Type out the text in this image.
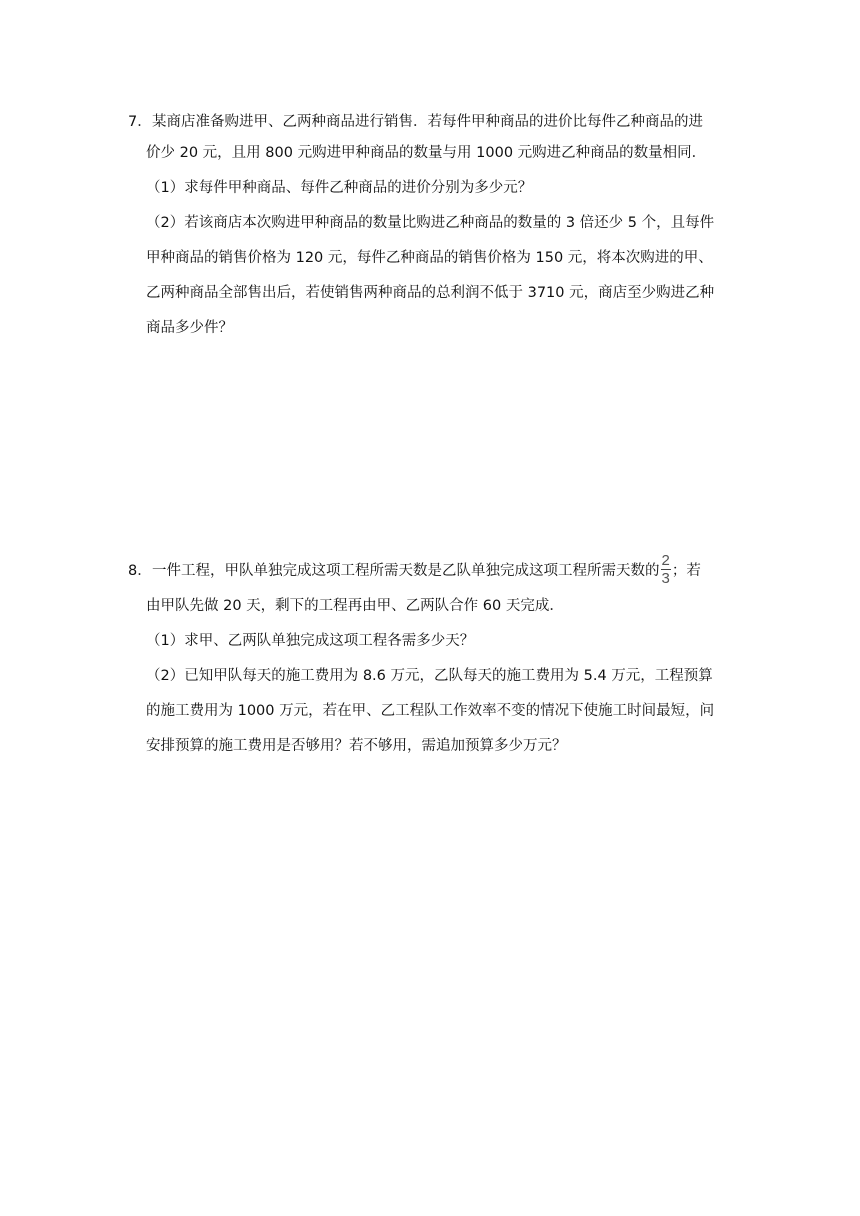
7．某商店准备购进甲、乙两种商品进行销售．若每件甲种商品的进价比每件乙种商品的进
价少 20 元，且用 800 元购进甲种商品的数量与用 1000 元购进乙种商品的数量相同．
（1）求每件甲种商品、每件乙种商品的进价分别为多少元？
（2）若该商店本次购进甲种商品的数量比购进乙种商品的数量的 3 倍还少 5 个，且每件
甲种商品的销售价格为 120 元，每件乙种商品的销售价格为 150 元，将本次购进的甲、
乙两种商品全部售出后，若使销售两种商品的总利润不低于 3710 元，商店至少购进乙种
商品多少件？
8．一件工程，甲队单独完成这项工程所需天数是乙队单独完成这项工程所需天数的 $\frac{2}{3}$ ；若
由甲队先做 20 天，剩下的工程再由甲、乙两队合作 60 天完成．
（1）求甲、乙两队单独完成这项工程各需多少天？
（2）已知甲队每天的施工费用为 8.6 万元，乙队每天的施工费用为 5.4 万元，工程预算
的施工费用为 1000 万元，若在甲、乙工程队工作效率不变的情况下使施工时间最短，问
安排预算的施工费用是否够用？若不够用，需追加预算多少万元？
